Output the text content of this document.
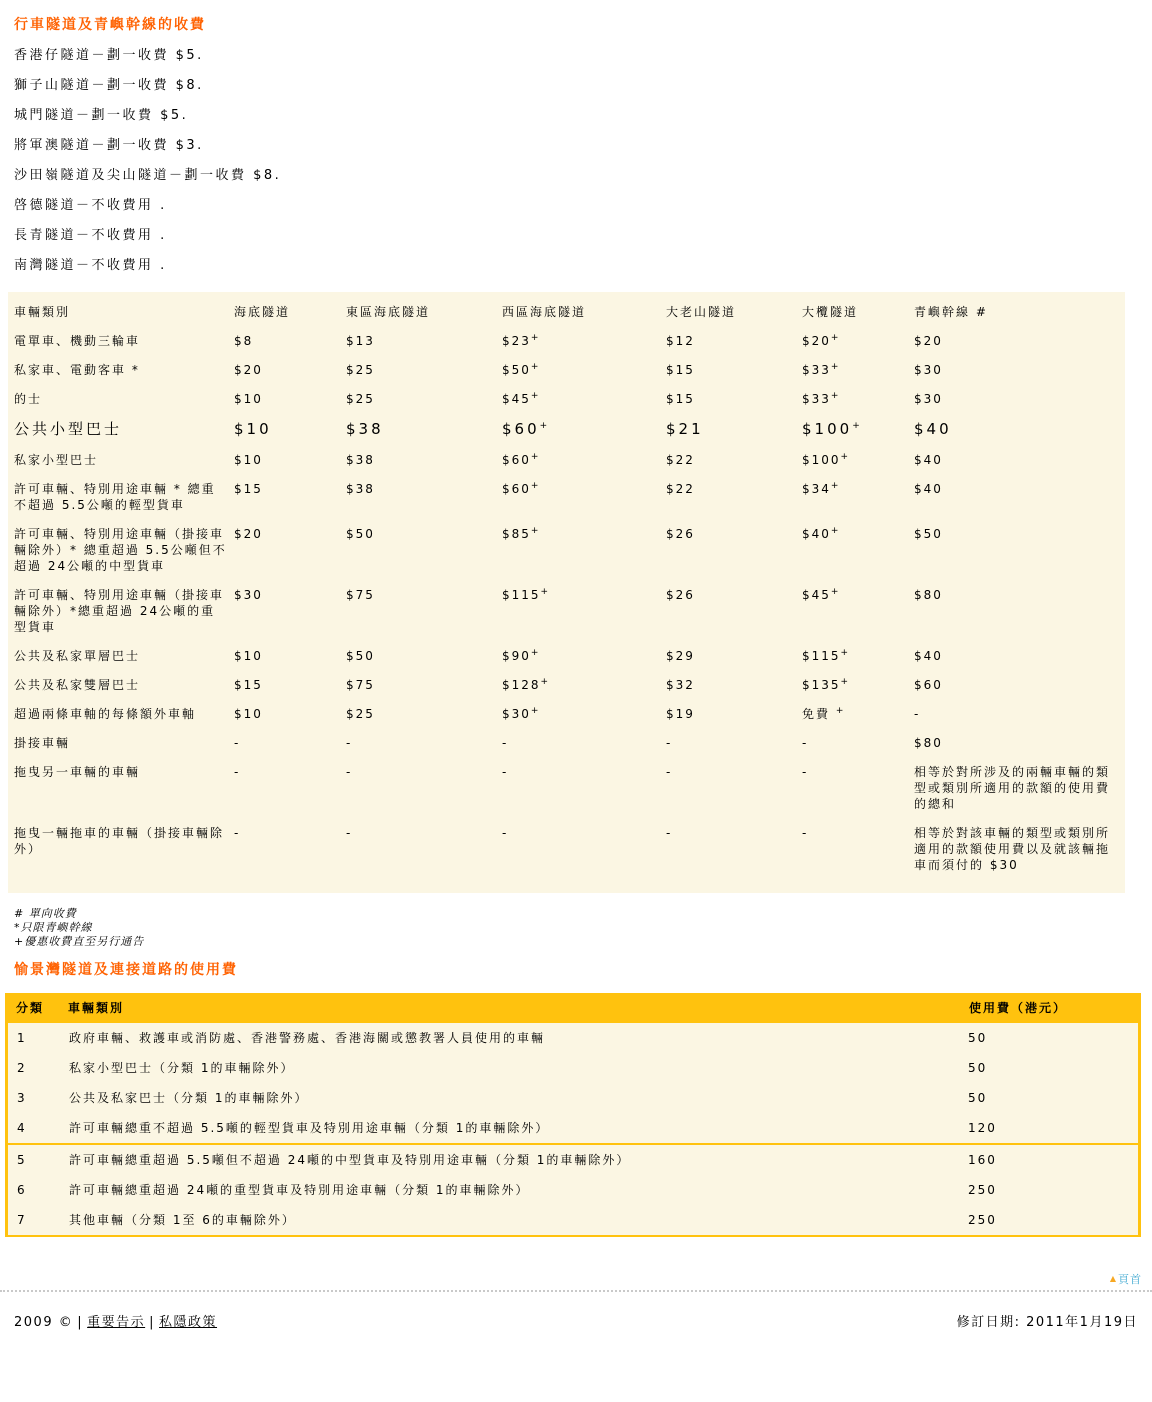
行車隧道及青嶼幹線的收費

香港仔隧道－劃一收費 $5.

獅子山隧道－劃一收費 $8.

城門隧道－劃一收費 $5.

將軍澳隧道－劃一收費 $3.

沙田嶺隧道及尖山隧道－劃一收費 $8.

啓德隧道－不收費用 .

長青隧道－不收費用 .

南灣隧道－不收費用 .

車輛類別	海底隧道	東區海底隧道	西區海底隧道	大老山隧道	大欖隧道	青嶼幹線 #
電單車、機動三輪車	$8	$13	$23+	$12	$20+	$20
私家車、電動客車 *	$20	$25	$50+	$15	$33+	$30
的士	$10	$25	$45+	$15	$33+	$30
公共小型巴士	$10	$38	$60+	$21	$100+	$40
私家小型巴士	$10	$38	$60+	$22	$100+	$40
許可車輛、特別用途車輛 * 總重不超過 5.5公噸的輕型貨車	$15	$38	$60+	$22	$34+	$40
許可車輛、特別用途車輛（掛接車輛除外）* 總重超過 5.5公噸但不超過 24公噸的中型貨車	$20	$50	$85+	$26	$40+	$50
許可車輛、特別用途車輛（掛接車輛除外）*總重超過 24公噸的重型貨車	$30	$75	$115+	$26	$45+	$80
公共及私家單層巴士	$10	$50	$90+	$29	$115+	$40
公共及私家雙層巴士	$15	$75	$128+	$32	$135+	$60
超過兩條車軸的每條額外車軸	$10	$25	$30+	$19	免費 +	-
掛接車輛	-	-	-	-	-	$80
拖曳另一車輛的車輛	-	-	-	-	-	相等於對所涉及的兩輛車輛的類型或類別所適用的款額的使用費的總和
拖曳一輛拖車的車輛（掛接車輛除外）	-	-	-	-	-	相等於對該車輛的類型或類別所適用的款額使用費以及就該輛拖車而須付的 $30

# 單向收費

*只限青嶼幹線

+優惠收費直至另行通告

愉景灣隧道及連接道路的使用費
分類	車輛類別	使用費（港元）
1	政府車輛、救護車或消防處、香港警務處、香港海關或懲教署人員使用的車輛	50
2	私家小型巴士（分類 1的車輛除外）	50
3	公共及私家巴士（分類 1的車輛除外）	50
4	許可車輛總重不超過 5.5噸的輕型貨車及特別用途車輛（分類 1的車輛除外）	120
5	許可車輛總重超過 5.5噸但不超過 24噸的中型貨車及特別用途車輛（分類 1的車輛除外）	160
6	許可車輛總重超過 24噸的重型貨車及特別用途車輛（分類 1的車輛除外）	250
7	其他車輛（分類 1至 6的車輛除外）	250
▲ 頁首
2009 © | 重要告示 | 私隱政策	修訂日期: 2011年1月19日
